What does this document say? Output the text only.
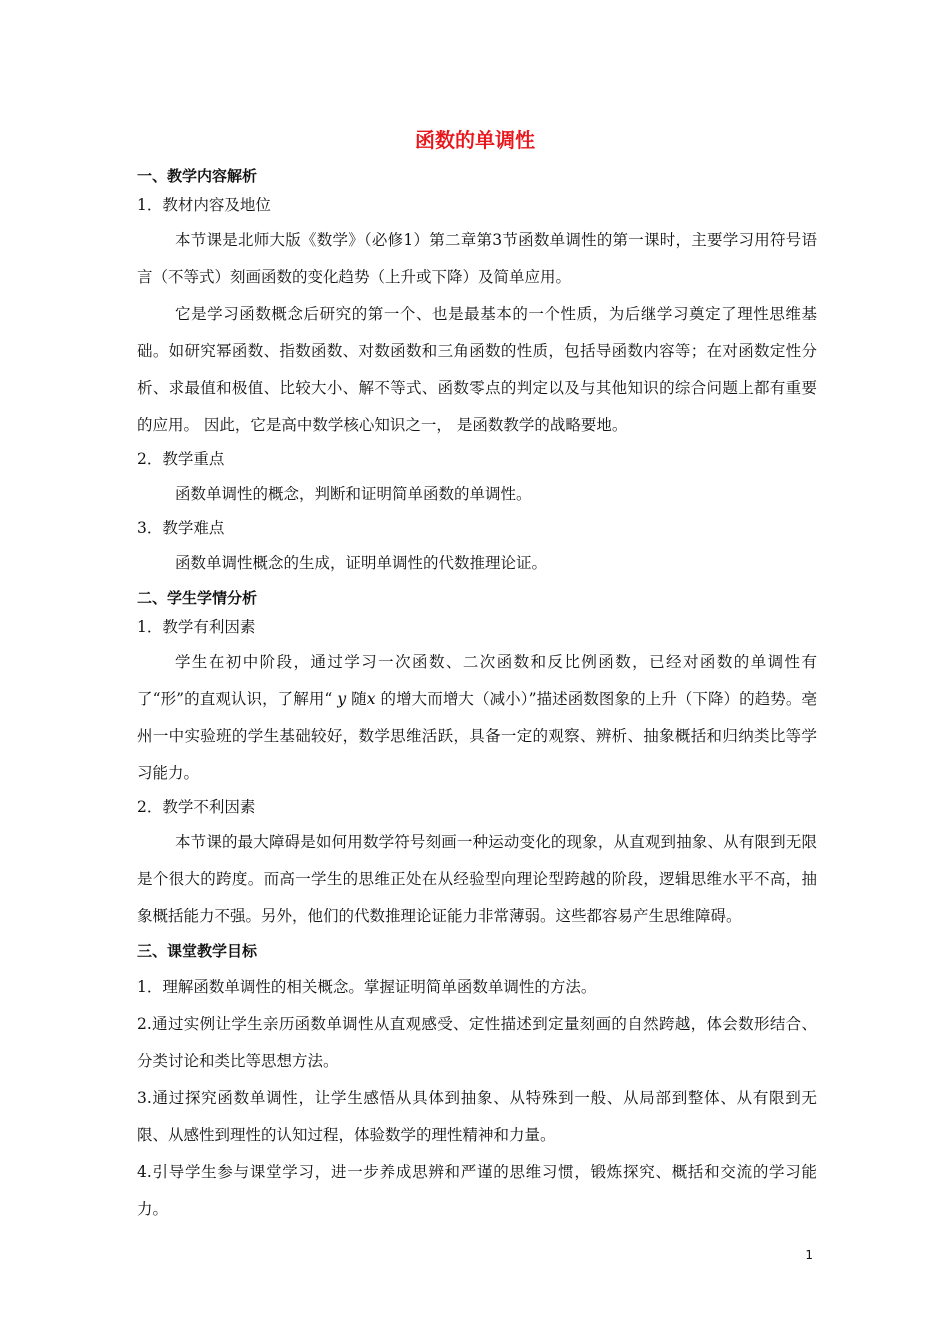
函数的单调性
一、教学内容解析
1．教材内容及地位

本节课是北师大版《数学》（必修1）第二章第3节函数单调性的第一课时，主要学习用符号语言（不等式）刻画函数的变化趋势（上升或下降）及简单应用。

它是学习函数概念后研究的第一个、也是最基本的一个性质，为后继学习奠定了理性思维基础。如研究幂函数、指数函数、对数函数和三角函数的性质，包括导函数内容等；在对函数定性分析、求最值和极值、比较大小、解不等式、函数零点的判定以及与其他知识的综合问题上都有重要的应用。 因此，它是高中数学核心知识之一， 是函数教学的战略要地。

2．教学重点

函数单调性的概念，判断和证明简单函数的单调性。

3．教学难点

函数单调性概念的生成，证明单调性的代数推理论证。

二、学生学情分析
1．教学有利因素

学生在初中阶段，通过学习一次函数、二次函数和反比例函数，已经对函数的单调性有了“形”的直观认识，了解用“ y 随x 的增大而增大（减小）”描述函数图象的上升（下降）的趋势。亳州一中实验班的学生基础较好，数学思维活跃，具备一定的观察、辨析、抽象概括和归纳类比等学习能力。

2．教学不利因素

本节课的最大障碍是如何用数学符号刻画一种运动变化的现象，从直观到抽象、从有限到无限是个很大的跨度。而高一学生的思维正处在从经验型向理论型跨越的阶段，逻辑思维水平不高，抽象概括能力不强。另外，他们的代数推理论证能力非常薄弱。这些都容易产生思维障碍。

三、课堂教学目标

1．理解函数单调性的相关概念。掌握证明简单函数单调性的方法。

2.通过实例让学生亲历函数单调性从直观感受、定性描述到定量刻画的自然跨越，体会数形结合、分类讨论和类比等思想方法。

3.通过探究函数单调性，让学生感悟从具体到抽象、从特殊到一般、从局部到整体、从有限到无限、从感性到理性的认知过程，体验数学的理性精神和力量。

4.引导学生参与课堂学习，进一步养成思辨和严谨的思维习惯，锻炼探究、概括和交流的学习能力。

1
